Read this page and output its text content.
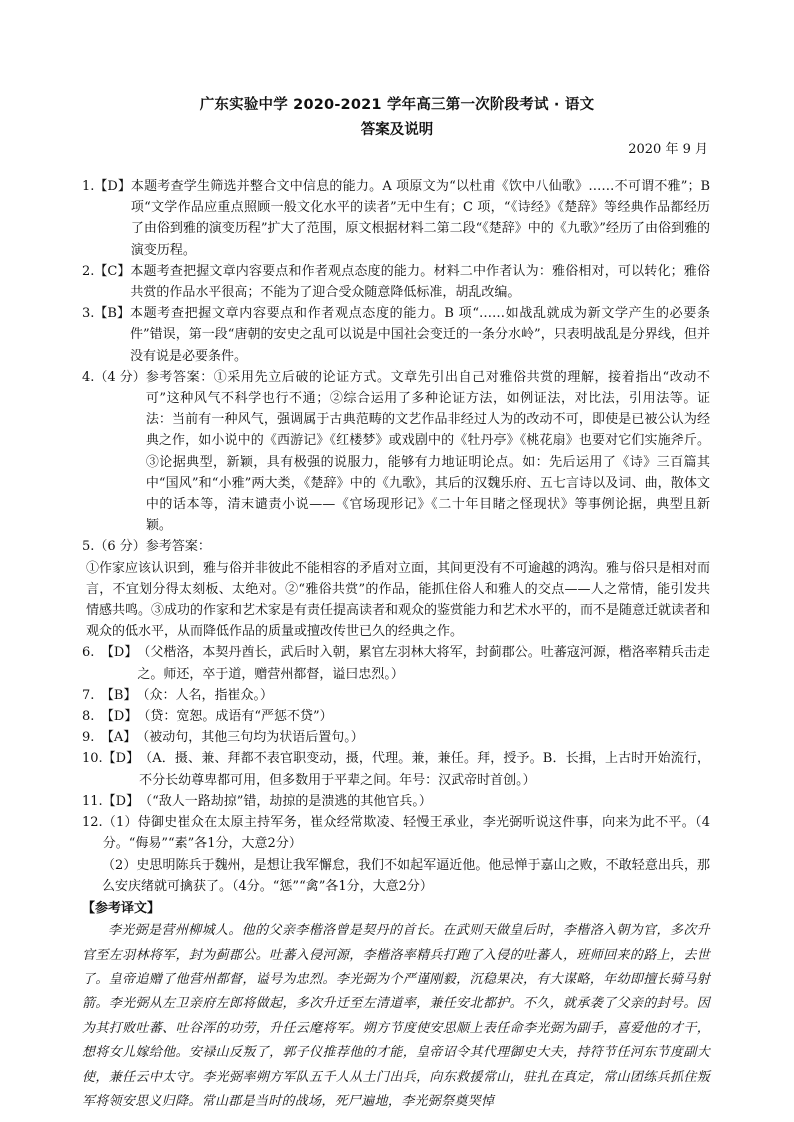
广东实验中学 2020-2021 学年高三第一次阶段考试 · 语文
答案及说明
2020 年 9 月
1.【D】 本题考查学生筛选并整合文中信息的能力。A 项原文为“以杜甫《饮中八仙歌》……不可谓不雅”；B 项“文学作品应重点照顾一般文化水平的读者”无中生有；C 项，“《诗经》《楚辞》等经典作品都经历了由俗到雅的演变历程”扩大了范围，原文根据材料二第二段“《楚辞》中的《九歌》”经历了由俗到雅的演变历程。
2.【C】 本题考查把握文章内容要点和作者观点态度的能力。材料二中作者认为：雅俗相对，可以转化；雅俗共赏的作品水平很高；不能为了迎合受众随意降低标准，胡乱改编。
3.【B】 本题考查把握文章内容要点和作者观点态度的能力。B 项“……如战乱就成为新文学产生的必要条件”错误，第一段“唐朝的安史之乱可以说是中国社会变迁的一条分水岭”，只表明战乱是分界线，但并没有说是必要条件。
4.（4 分） 参考答案：①采用先立后破的论证方式。文章先引出自己对雅俗共赏的理解，接着指出“改动不可”这种风气不科学也行不通；②综合运用了多种论证方法，如例证法，对比法，引用法等。证法：当前有一种风气，强调属于古典范畴的文艺作品非经过人为的改动不可，即使是已被公认为经典之作，如小说中的《西游记》《红楼梦》或戏剧中的《牡丹亭》《桃花扇》也要对它们实施斧斤。③论据典型，新颖，具有极强的说服力，能够有力地证明论点。如：先后运用了《诗》三百篇其中“国风”和“小雅”两大类，《楚辞》中的《九歌》，其后的汉魏乐府、五七言诗以及词、曲，散体文中的话本等，清末谴责小说——《官场现形记》《二十年目睹之怪现状》等事例论据，典型且新颖。
5.（6 分） 参考答案：
①作家应该认识到，雅与俗并非彼此不能相容的矛盾对立面，其间更没有不可逾越的鸿沟。雅与俗只是相对而言，不宜划分得太刻板、太绝对。②“雅俗共赏”的作品，能抓住俗人和雅人的交点——人之常情，能引发共情感共鸣。③成功的作家和艺术家是有责任提高读者和观众的鉴赏能力和艺术水平的，而不是随意迁就读者和观众的低水平，从而降低作品的质量或擅改传世已久的经典之作。
6.　【D】 （父楷洛，本契丹酋长，武后时入朝，累官左羽林大将军，封蓟郡公。吐蕃寇河源，楷洛率精兵击走之。师还，卒于道，赠营州都督，谥曰忠烈。）
7.　【B】 （众：人名，指崔众。）
8.　【D】 （贷：宽恕。成语有“严惩不贷”）
9.　【A】 （被动句，其他三句均为状语后置句。）
10.【D】 （A．摄、兼、拜都不表官职变动，摄，代理。兼，兼任。拜，授予。B．长揖，上古时开始流行，不分长幼尊卑都可用，但多数用于平辈之间。年号：汉武帝时首创。）
11.【D】 （“敌人一路劫掠”错，劫掠的是溃逃的其他官兵。）
12. （1）侍御史崔众在太原主持军务，崔众经常欺凌、轻慢王承业，李光弼听说这件事，向来为此不平。（4分。“侮易”“素”各1分，大意2分）
（2）史思明陈兵于魏州，是想让我军懈怠，我们不如起军逼近他。他忌惮于嘉山之败，不敢轻意出兵，那么安庆绪就可擒获了。（4分。“惩”“禽”各1分，大意2分）
【参考译文】
李光弼是营州柳城人。他的父亲李楷洛曾是契丹的首长。在武则天做皇后时，李楷洛入朝为官，多次升官至左羽林将军，封为蓟郡公。吐蕃入侵河源，李楷洛率精兵打跑了入侵的吐蕃人，班师回来的路上，去世了。皇帝追赠了他营州都督，谥号为忠烈。李光弼为个严谨刚毅，沉稳果决，有大谋略，年幼即擅长骑马射箭。李光弼从左卫亲府左郎将做起，多次升迁至左清道率，兼任安北都护。不久，就承袭了父亲的封号。因为其打败吐蕃、吐谷浑的功劳，升任云麾将军。朔方节度使安思顺上表任命李光弼为副手，喜爱他的才干，想将女儿嫁给他。安禄山反叛了，郭子仪推荐他的才能，皇帝诏令其代理御史大夫，持符节任河东节度副大使，兼任云中太守。李光弼率朔方军队五千人从土门出兵，向东救援常山，驻扎在真定，常山团练兵抓住叛军将领安思义归降。常山郡是当时的战场，死尸遍地，李光弼祭奠哭悼
